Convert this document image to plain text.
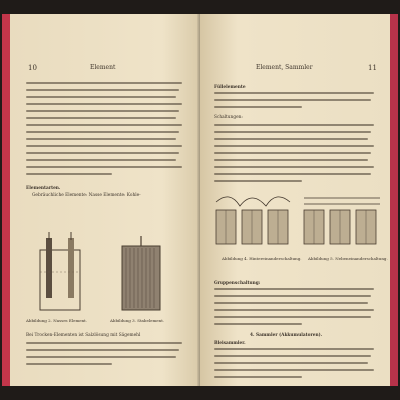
10	Element
Elementarten.
Gebräuchliche Elemente: Nasse Elemente: Kohle-
Abbildung 2. Nasses Element.	Abbildung 3. Stabelement.
Bei Trocken-Elementen ist Salzlösung mit Sägemehl
Element, Sammler	11
Füllelemente
Schaltungen:
Abbildung 4. Hintereinanderschaltung. Abbildung 5. Nebeneinanderschaltung.
Gruppenschaltung:
4. Sammler (Akkumulatoren).
Bleisammler.
